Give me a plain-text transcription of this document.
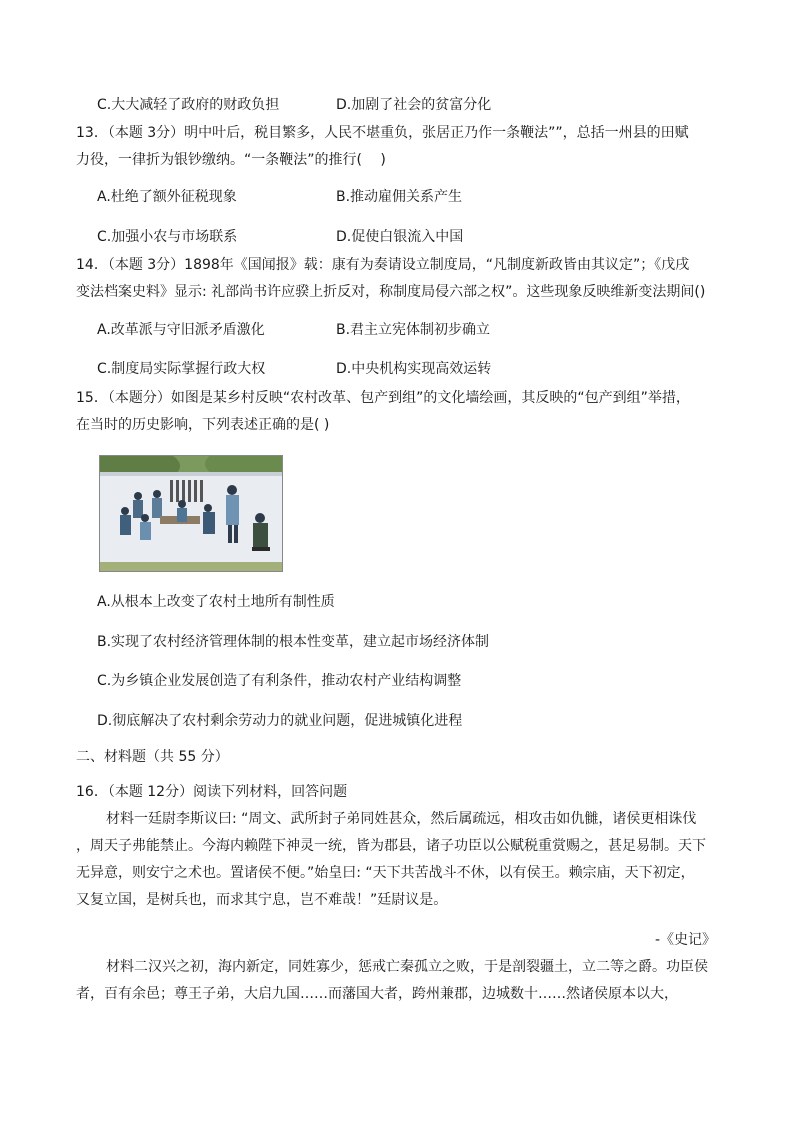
C.大大减轻了政府的财政负担	D.加剧了社会的贫富分化
13．（本题 3分）明中叶后，税目繁多，人民不堪重负，张居正乃作一条鞭法””，总括一州县的田赋
力役，一律折为银钞缴纳。“一条鞭法”的推行(　 )
A.杜绝了额外征税现象	B.推动雇佣关系产生
C.加强小农与市场联系	D.促使白银流入中国
14．（本题 3分）1898年《国闻报》载：康有为奏请设立制度局，“凡制度新政皆由其议定”；《戊戌
变法档案史料》显示: 礼部尚书许应骙上折反对，称制度局侵六部之权”。这些现象反映维新变法期间()
A.改革派与守旧派矛盾激化	B.君主立宪体制初步确立
C.制度局实际掌握行政大权	D.中央机构实现高效运转
15．（本题分）如图是某乡村反映“农村改革、包产到组”的文化墙绘画，其反映的“包产到组”举措，
在当时的历史影响，下列表述正确的是( )
A.从根本上改变了农村土地所有制性质
B.实现了农村经济管理体制的根本性变革，建立起市场经济体制
C.为乡镇企业发展创造了有利条件，推动农村产业结构调整
D.彻底解决了农村剩余劳动力的就业问题，促进城镇化进程
二、材料题（共 55 分）
16．（本题 12分）阅读下列材料，回答问题
材料一廷尉李斯议曰: “周文、武所封子弟同姓甚众，然后属疏远，相攻击如仇雠，诸侯更相诛伐
，周天子弗能禁止。今海内赖陛下神灵一统，皆为郡县，诸子功臣以公赋税重赏赐之，甚足易制。天下
无异意，则安宁之术也。置诸侯不便。”始皇曰: “天下共苦战斗不休，以有侯王。赖宗庙，天下初定，
又复立国，是树兵也，而求其宁息，岂不难哉！”廷尉议是。
-《史记》
材料二汉兴之初，海内新定，同姓寡少，惩戒亡秦孤立之败，于是剖裂疆土，立二等之爵。功臣侯
者，百有余邑；尊王子弟，大启九国……而藩国大者，跨州兼郡，边城数十……然诸侯原本以大，
